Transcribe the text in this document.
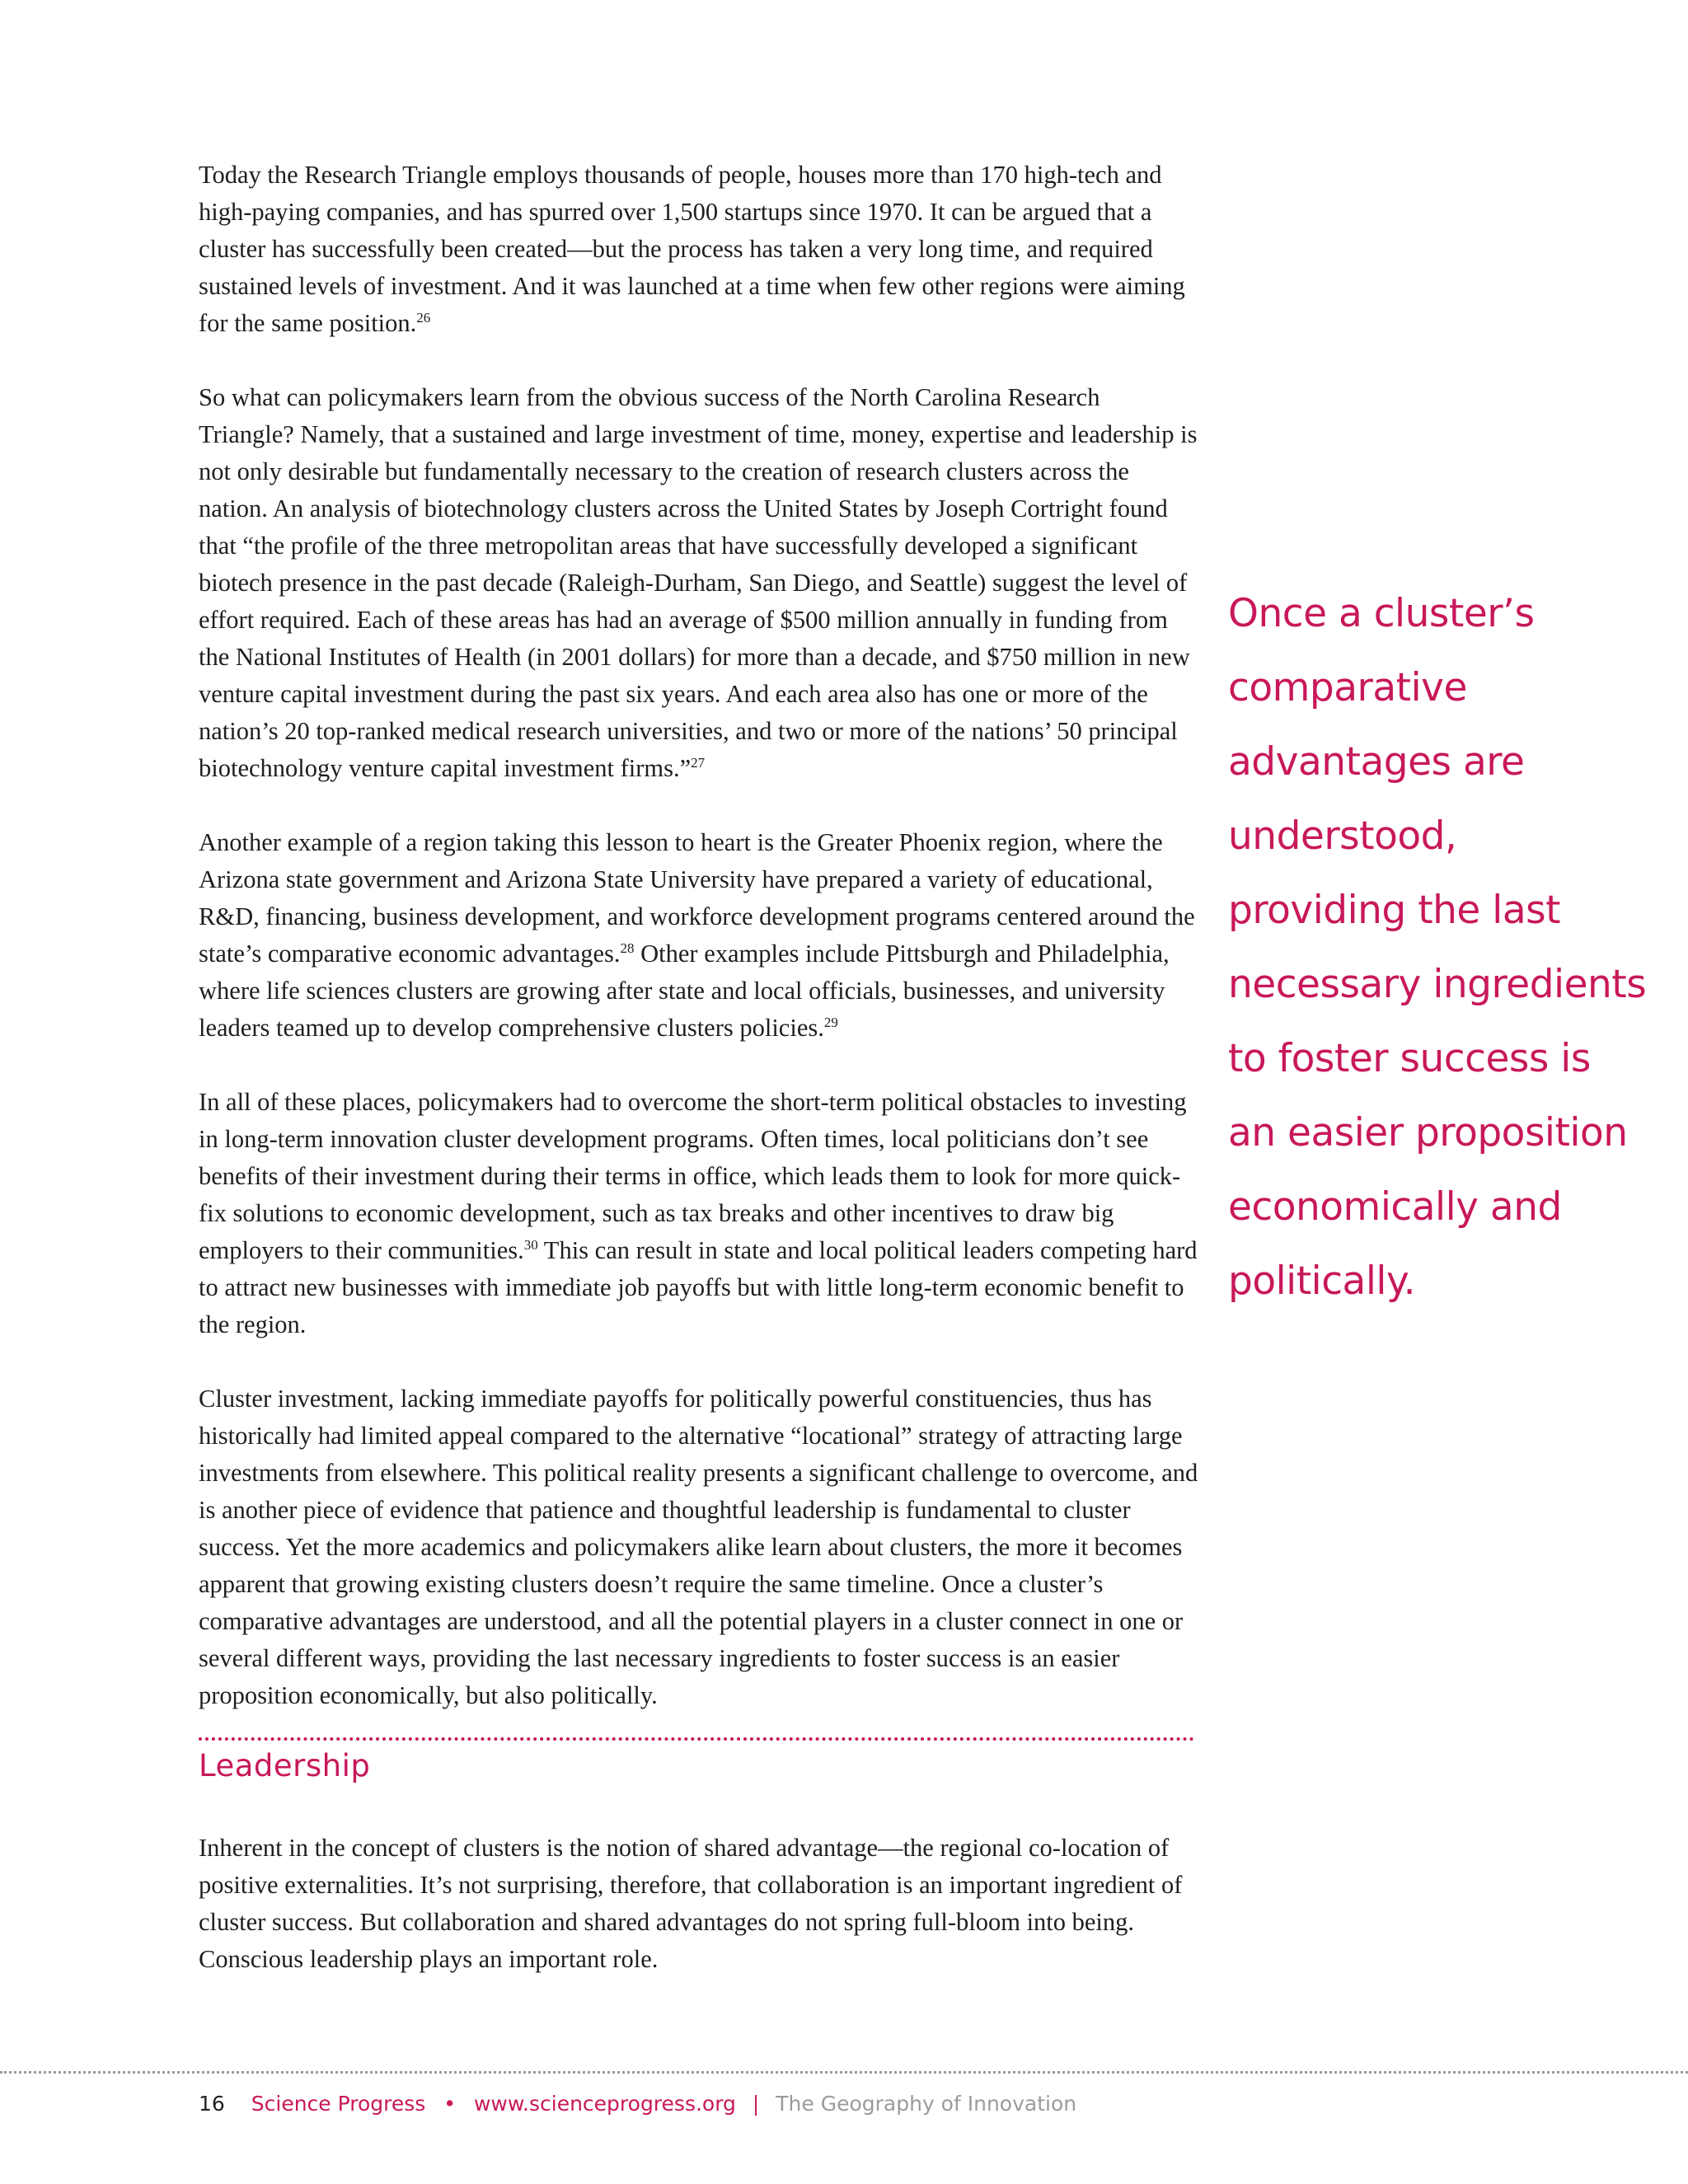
Today the Research Triangle employs thousands of people, houses more than 170 high-tech and high-paying companies, and has spurred over 1,500 startups since 1970. It can be argued that a cluster has successfully been created—but the process has taken a very long time, and required sustained levels of investment. And it was launched at a time when few other regions were aiming for the same position.$^{26}$

So what can policymakers learn from the obvious success of the North Carolina Research Triangle? Namely, that a sustained and large investment of time, money, expertise and leadership is not only desirable but fundamentally necessary to the creation of research clusters across the nation. An analysis of biotechnology clusters across the United States by Joseph Cortright found that “the profile of the three metropolitan areas that have successfully developed a significant biotech presence in the past decade (Raleigh-Durham, San Diego, and Seattle) suggest the level of effort required. Each of these areas has had an average of $500 million annually in funding from the National Institutes of Health (in 2001 dollars) for more than a decade, and $750 million in new venture capital investment during the past six years. And each area also has one or more of the nation’s 20 top-ranked medical research universities, and two or more of the nations’ 50 principal biotechnology venture capital investment firms.”$^{27}$

Another example of a region taking this lesson to heart is the Greater Phoenix region, where the Arizona state government and Arizona State University have prepared a variety of educational, R&D, financing, business development, and workforce development programs centered around the state’s comparative economic advantages.$^{28}$ Other examples include Pittsburgh and Philadelphia, where life sciences clusters are growing after state and local officials, businesses, and university leaders teamed up to develop comprehensive clusters policies.$^{29}$

In all of these places, policymakers had to overcome the short-term political obstacles to investing in long-term innovation cluster development programs. Often times, local politicians don’t see benefits of their investment during their terms in office, which leads them to look for more quick-fix solutions to economic development, such as tax breaks and other incentives to draw big employers to their communities.$^{30}$ This can result in state and local political leaders competing hard to attract new businesses with immediate job payoffs but with little long-term economic benefit to the region.

Cluster investment, lacking immediate payoffs for politically powerful constituencies, thus has historically had limited appeal compared to the alternative “locational” strategy of attracting large investments from elsewhere. This political reality presents a significant challenge to overcome, and is another piece of evidence that patience and thoughtful leadership is fundamental to cluster success. Yet the more academics and policymakers alike learn about clusters, the more it becomes apparent that growing existing clusters doesn’t require the same timeline. Once a cluster’s comparative advantages are understood, and all the potential players in a cluster connect in one or several different ways, providing the last necessary ingredients to foster success is an easier proposition economically, but also politically.

Leadership

Inherent in the concept of clusters is the notion of shared advantage—the regional co-location of positive externalities. It’s not surprising, therefore, that collaboration is an important ingredient of cluster success. But collaboration and shared advantages do not spring full-bloom into being. Conscious leadership plays an important role.

Once a cluster’s
comparative
advantages are
understood,
providing the last
necessary ingredients
to foster success is
an easier proposition
economically and
politically.
16 Science Progress • www.scienceprogress.org | The Geography of Innovation
